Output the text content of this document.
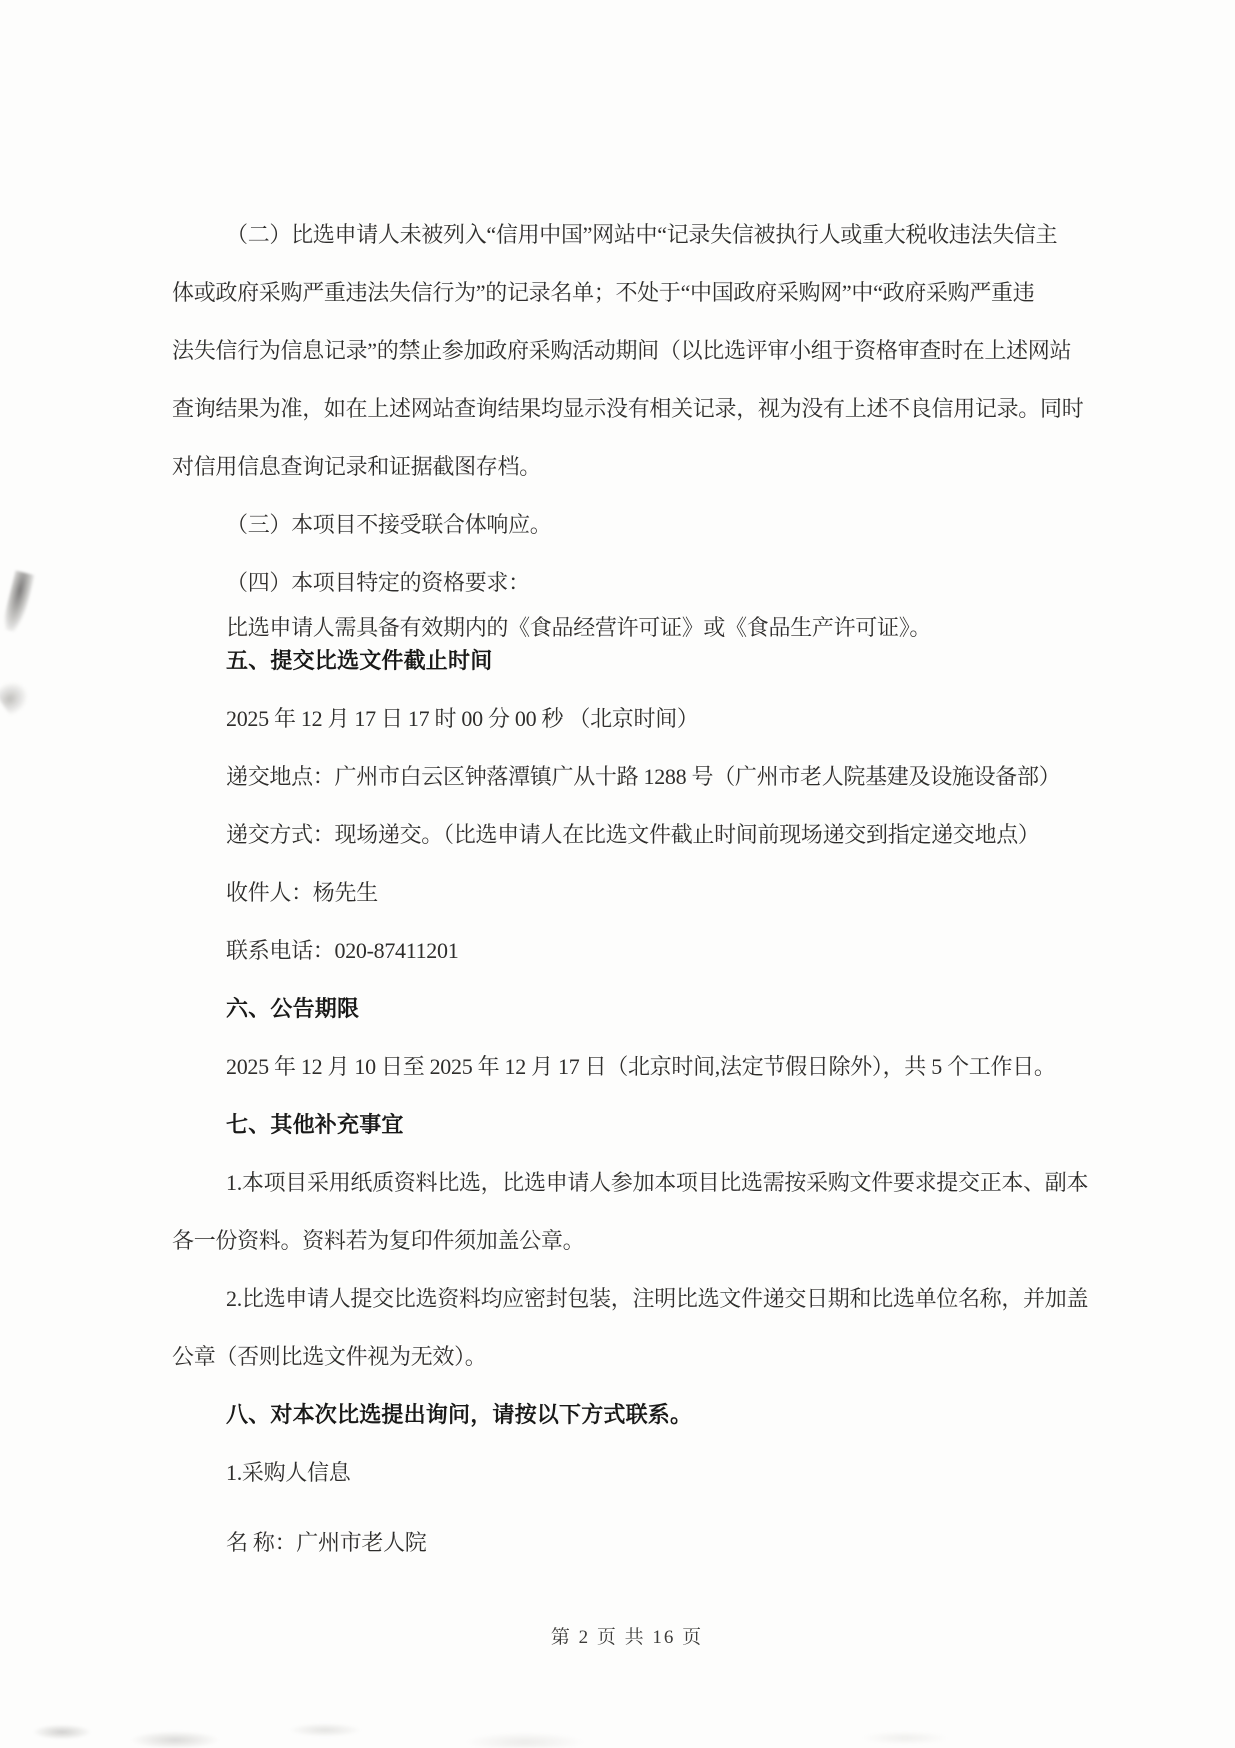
（二）比选申请人未被列入“信用中国”网站中“记录失信被执行人或重大税收违法失信主
体或政府采购严重违法失信行为”的记录名单；不处于“中国政府采购网”中“政府采购严重违
法失信行为信息记录”的禁止参加政府采购活动期间（以比选评审小组于资格审查时在上述网站
查询结果为准，如在上述网站查询结果均显示没有相关记录，视为没有上述不良信用记录。同时
对信用信息查询记录和证据截图存档。
（三）本项目不接受联合体响应。
（四）本项目特定的资格要求：
比选申请人需具备有效期内的《食品经营许可证》或《食品生产许可证》。
五、提交比选文件截止时间
2025 年 12 月 17 日 17 时 00 分 00 秒 （北京时间）
递交地点：广州市白云区钟落潭镇广从十路 1288 号（广州市老人院基建及设施设备部）
递交方式：现场递交。（比选申请人在比选文件截止时间前现场递交到指定递交地点）
收件人：杨先生
联系电话：020-87411201
六、公告期限
2025 年 12 月 10 日至 2025 年 12 月 17 日（北京时间,法定节假日除外），共 5 个工作日。
七、其他补充事宜
1.本项目采用纸质资料比选，比选申请人参加本项目比选需按采购文件要求提交正本、副本
各一份资料。资料若为复印件须加盖公章。
2.比选申请人提交比选资料均应密封包装，注明比选文件递交日期和比选单位名称，并加盖
公章（否则比选文件视为无效）。
八、对本次比选提出询问，请按以下方式联系。
1.采购人信息
名 称：广州市老人院
第 2 页 共 16 页
